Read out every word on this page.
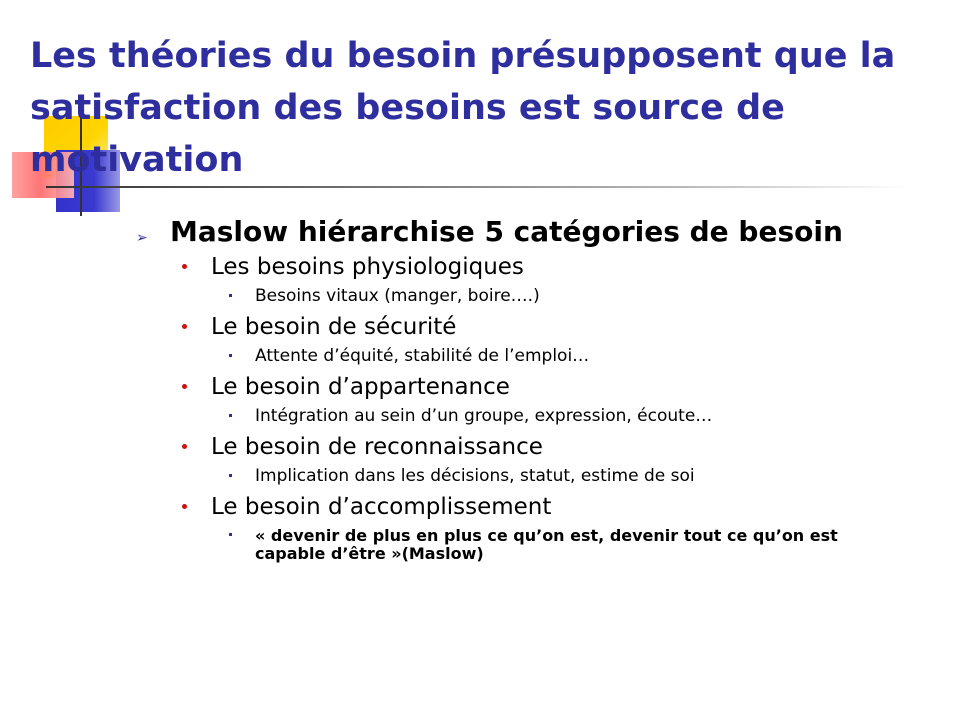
Les théories du besoin présupposent que la satisfaction des besoins est source de motivation
➢ Maslow hiérarchise 5 catégories de besoin
Les besoins physiologiques
Besoins vitaux (manger, boire….)
Le besoin de sécurité
Attente d’équité, stabilité de l’emploi…
Le besoin d’appartenance
Intégration au sein d’un groupe, expression, écoute…
Le besoin de reconnaissance
Implication dans les décisions, statut, estime de soi
Le besoin d’accomplissement
« devenir de plus en plus ce qu’on est, devenir tout ce qu’on est capable d’être »(Maslow)
